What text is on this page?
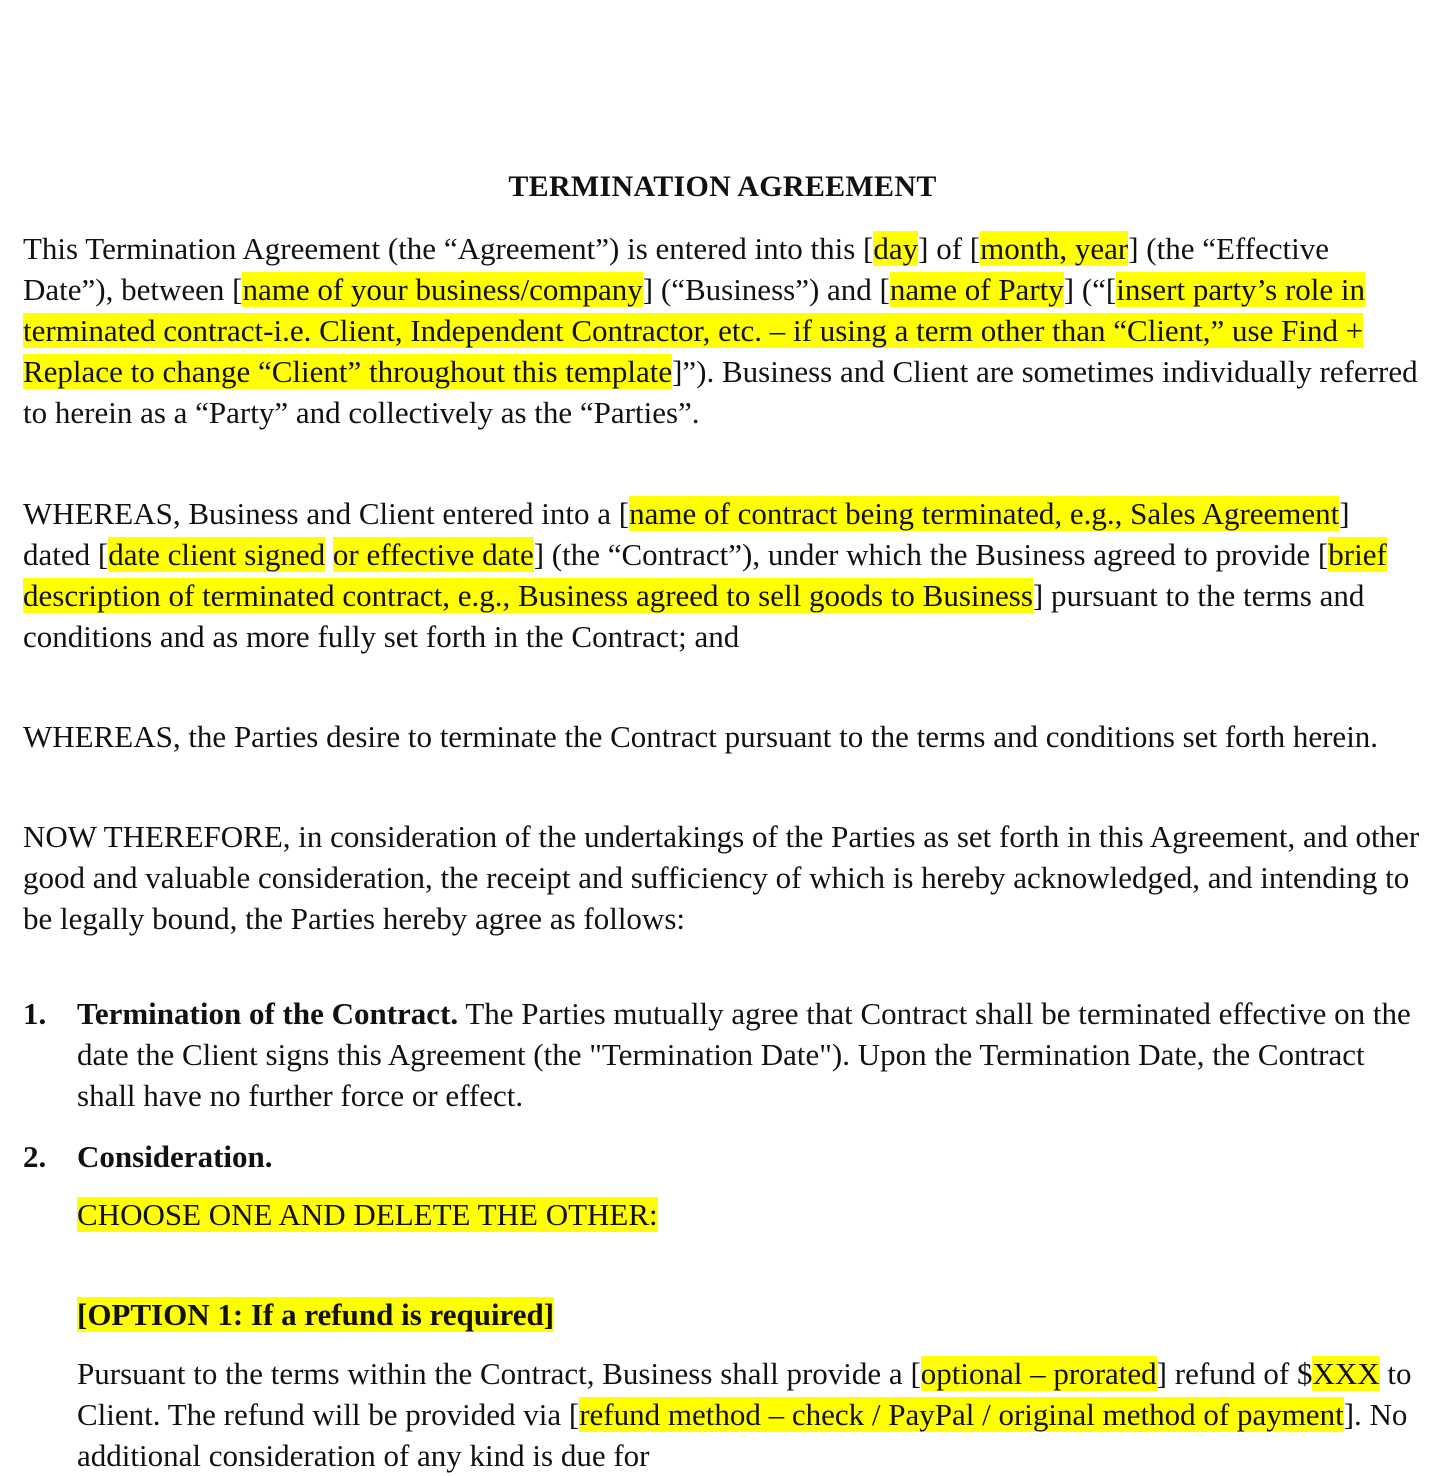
TERMINATION AGREEMENT

This Termination Agreement (the “Agreement”) is entered into this [day] of [month, year] (the “Effective Date”), between [name of your business/company] (“Business”) and [name of Party] (“[insert party’s role in terminated contract-i.e. Client, Independent Contractor, etc. – if using a term other than “Client,” use Find + Replace to change “Client” throughout this template]”). Business and Client are sometimes individually referred to herein as a “Party” and collectively as the “Parties”.

WHEREAS, Business and Client entered into a [name of contract being terminated, e.g., Sales Agreement] dated [date client signed or effective date] (the “Contract”), under which the Business agreed to provide [brief description of terminated contract, e.g., Business agreed to sell goods to Business] pursuant to the terms and conditions and as more fully set forth in the Contract; and

WHEREAS, the Parties desire to terminate the Contract pursuant to the terms and conditions set forth herein.

NOW THEREFORE, in consideration of the undertakings of the Parties as set forth in this Agreement, and other good and valuable consideration, the receipt and sufficiency of which is hereby acknowledged, and intending to be legally bound, the Parties hereby agree as follows:

1. Termination of the Contract. The Parties mutually agree that Contract shall be terminated effective on the date the Client signs this Agreement (the "Termination Date"). Upon the Termination Date, the Contract shall have no further force or effect.
2. Consideration.

CHOOSE ONE AND DELETE THE OTHER:

[OPTION 1: If a refund is required]

Pursuant to the terms within the Contract, Business shall provide a [optional – prorated] refund of $XXX to Client. The refund will be provided via [refund method – check / PayPal / original method of payment]. No additional consideration of any kind is due for
